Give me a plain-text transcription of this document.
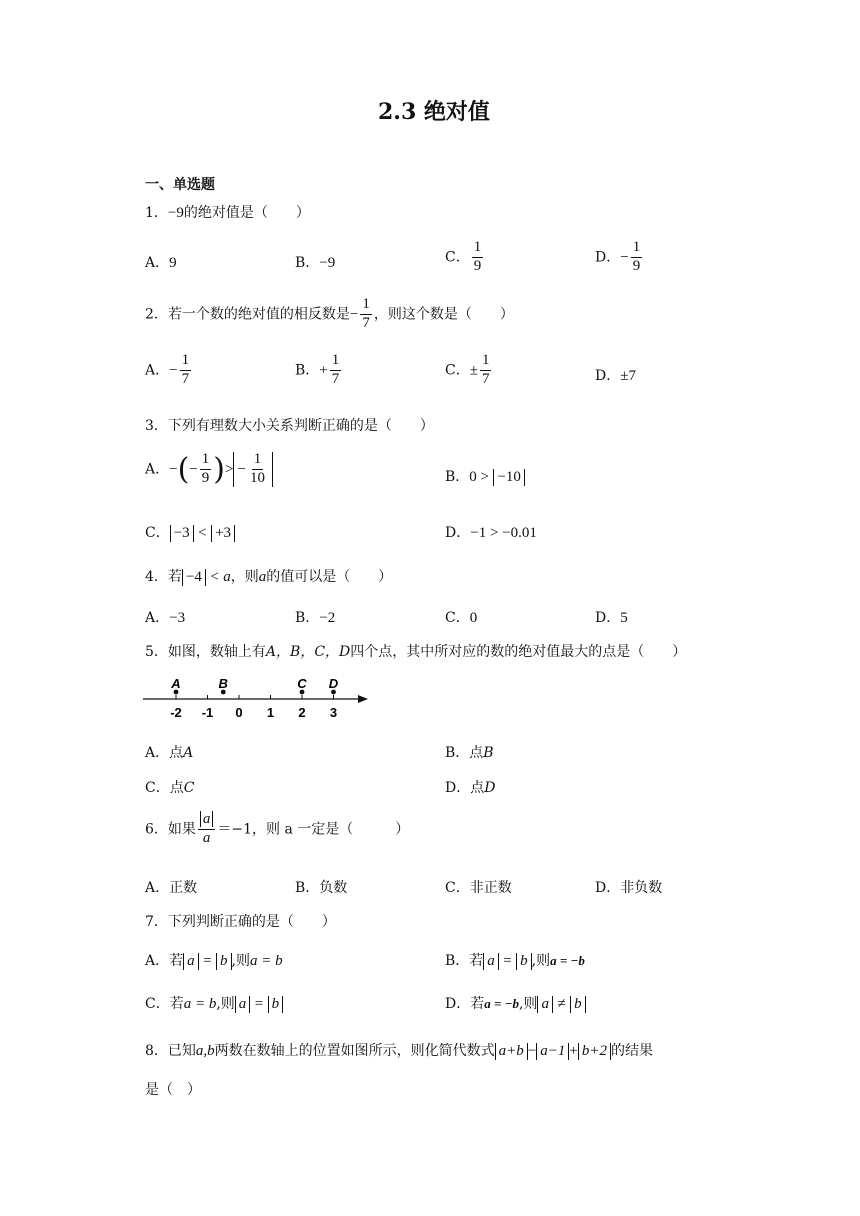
2.3 绝对值
一、单选题
1．−9的绝对值是（　　）
A．9	B．−9	C． $\frac{1}{9}$	D．− $\frac{1}{9}$
2．若一个数的绝对值的相反数是− $\frac{1}{7}$ ，则这个数是（　　）
A．− $\frac{1}{7}$	B．+ $\frac{1}{7}$	C．± $\frac{1}{7}$	D．±7
3．下列有理数大小关系判断正确的是（　　）
A．−(− $\frac{1}{9}$ )> − $\frac{1}{10}$	B．0 > −10
C． −3 < +3	D．−1 > −0.01
4．若 −4 < a，则a的值可以是（　　）
A．−3	B．−2	C．0	D．5
5．如图，数轴上有A，B，C，D四个点，其中所对应的数的绝对值最大的点是（　　）
-2 -1 0 1 2 3
A	B	C D
A．点A	B．点B
C．点C	D．点D
6．如果 $\frac{a}{a} =-1$，则 a 一定是（　　　）
A．正数	B．负数	C．非正数	D．非负数
7．下列判断正确的是（　　）
A．若 a = b ,则a = b	B．若 a = b ,则a = −b
C．若a = b,则 a = b	D．若a = −b,则 a ≠ b
8．已知a,b两数在数轴上的位置如图所示，则化简代数式 a+b − a−1 + b+2 的结果
是（　）
